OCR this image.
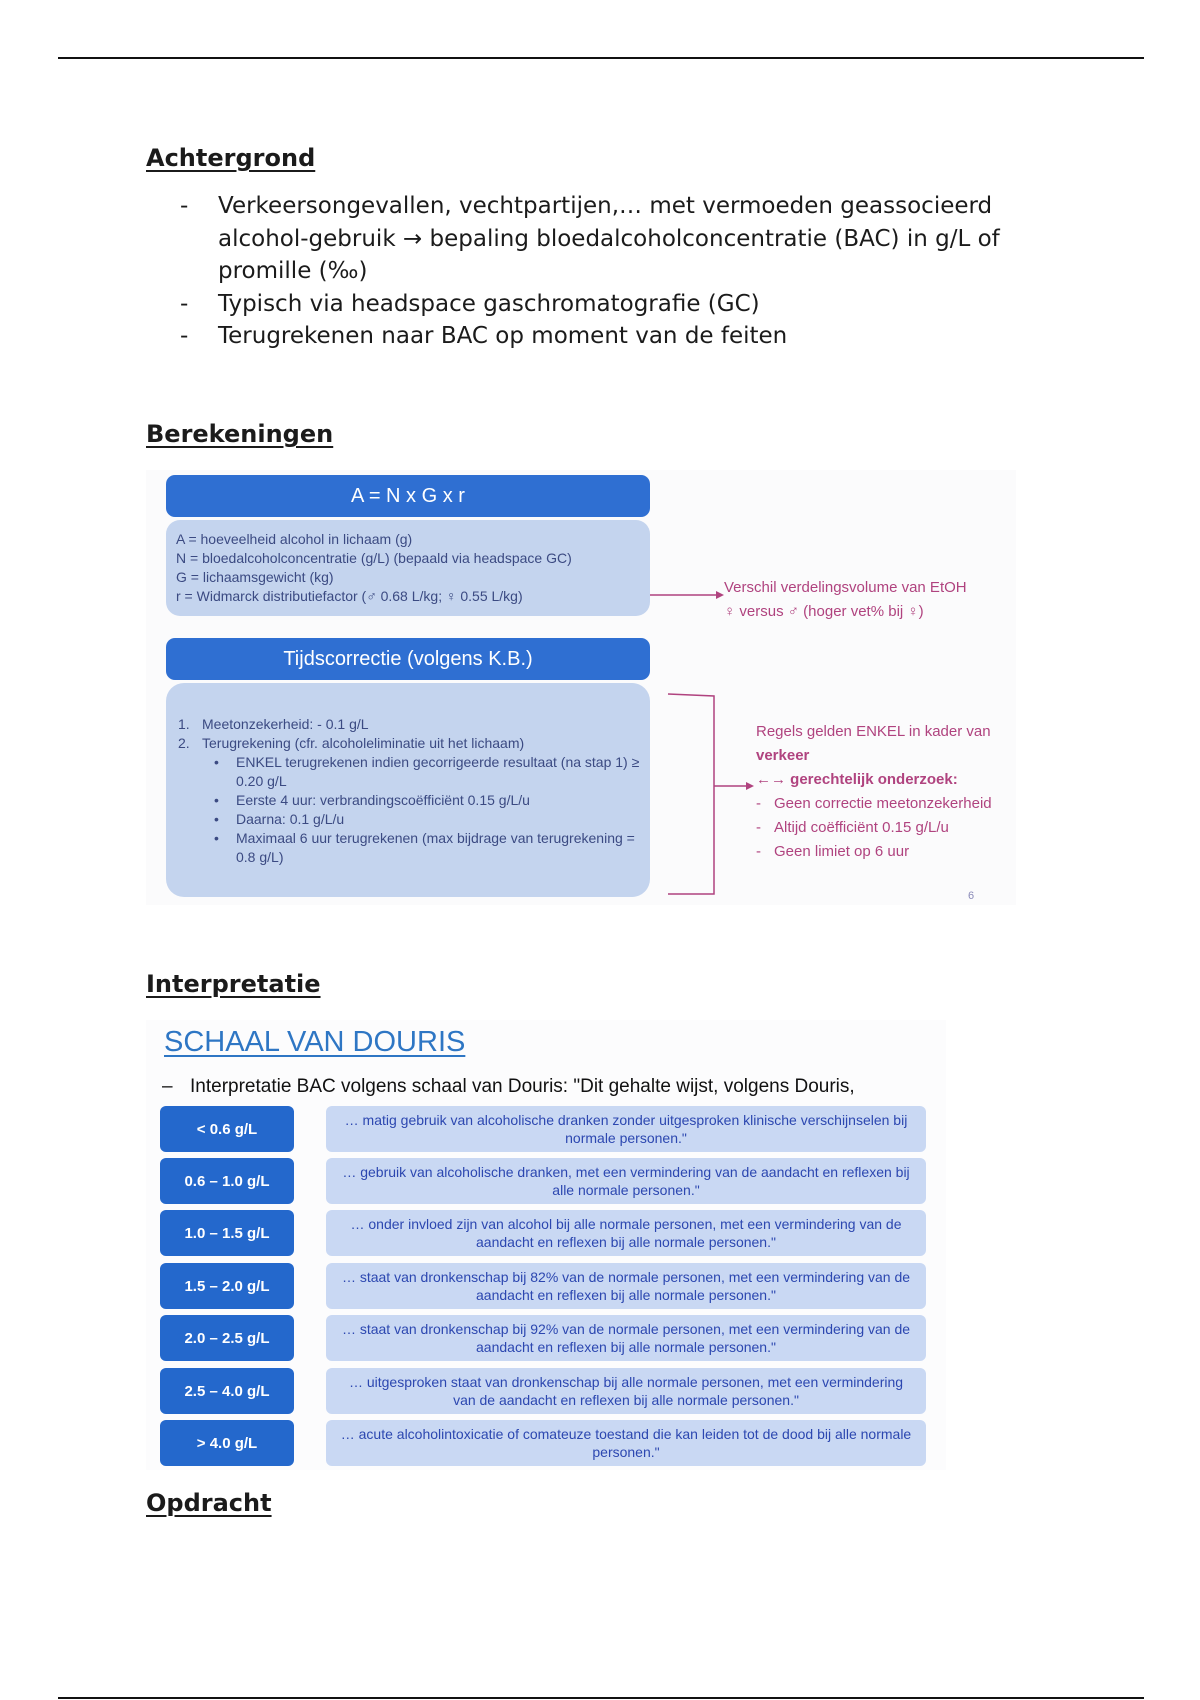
Achtergrond
- Verkeersongevallen, vechtpartijen,… met vermoeden geassocieerd alcohol-gebruik → bepaling bloedalcoholconcentratie (BAC) in g/L of promille (‰)
- Typisch via headspace gaschromatografie (GC)
- Terugrekenen naar BAC op moment van de feiten
Berekeningen
A = N x G x r
A = hoeveelheid alcohol in lichaam (g)
N = bloedalcoholconcentratie (g/L) (bepaald via headspace GC)
G = lichaamsgewicht (kg)
r = Widmarck distributiefactor (♂ 0.68 L/kg; ♀ 0.55 L/kg)	Verschil verdelingsvolume van EtOH
♀ versus ♂ (hoger vet% bij ♀)
Tijdscorrectie (volgens K.B.)
1. Meetonzekerheid: - 0.1 g/L
2. Terugrekening (cfr. alcoholeliminatie uit het lichaam)
• ENKEL terugrekenen indien gecorrigeerde resultaat (na stap 1) ≥ 0.20 g/L
• Eerste 4 uur: verbrandingscoëfficiënt 0.15 g/L/u
• Daarna: 0.1 g/L/u
• Maximaal 6 uur terugrekenen (max bijdrage van terugrekening = 0.8 g/L)
Regels gelden ENKEL in kader van
verkeer
←→ gerechtelijk onderzoek:
- Geen correctie meetonzekerheid
- Altijd coëfficiënt 0.15 g/L/u
- Geen limiet op 6 uur
6
Interpretatie
SCHAAL VAN DOURIS
– Interpretatie BAC volgens schaal van Douris: "Dit gehalte wijst, volgens Douris,
< 0.6 g/L
… matig gebruik van alcoholische dranken zonder uitgesproken klinische verschijnselen bij normale personen."
0.6 – 1.0 g/L
… gebruik van alcoholische dranken, met een vermindering van de aandacht en reflexen bij alle normale personen."
1.0 – 1.5 g/L
… onder invloed zijn van alcohol bij alle normale personen, met een vermindering van de aandacht en reflexen bij alle normale personen."
1.5 – 2.0 g/L
… staat van dronkenschap bij 82% van de normale personen, met een vermindering van de aandacht en reflexen bij alle normale personen."
2.0 – 2.5 g/L
… staat van dronkenschap bij 92% van de normale personen, met een vermindering van de aandacht en reflexen bij alle normale personen."
2.5 – 4.0 g/L
… uitgesproken staat van dronkenschap bij alle normale personen, met een vermindering van de aandacht en reflexen bij alle normale personen."
> 4.0 g/L
… acute alcoholintoxicatie of comateuze toestand die kan leiden tot de dood bij alle normale personen."
Opdracht
